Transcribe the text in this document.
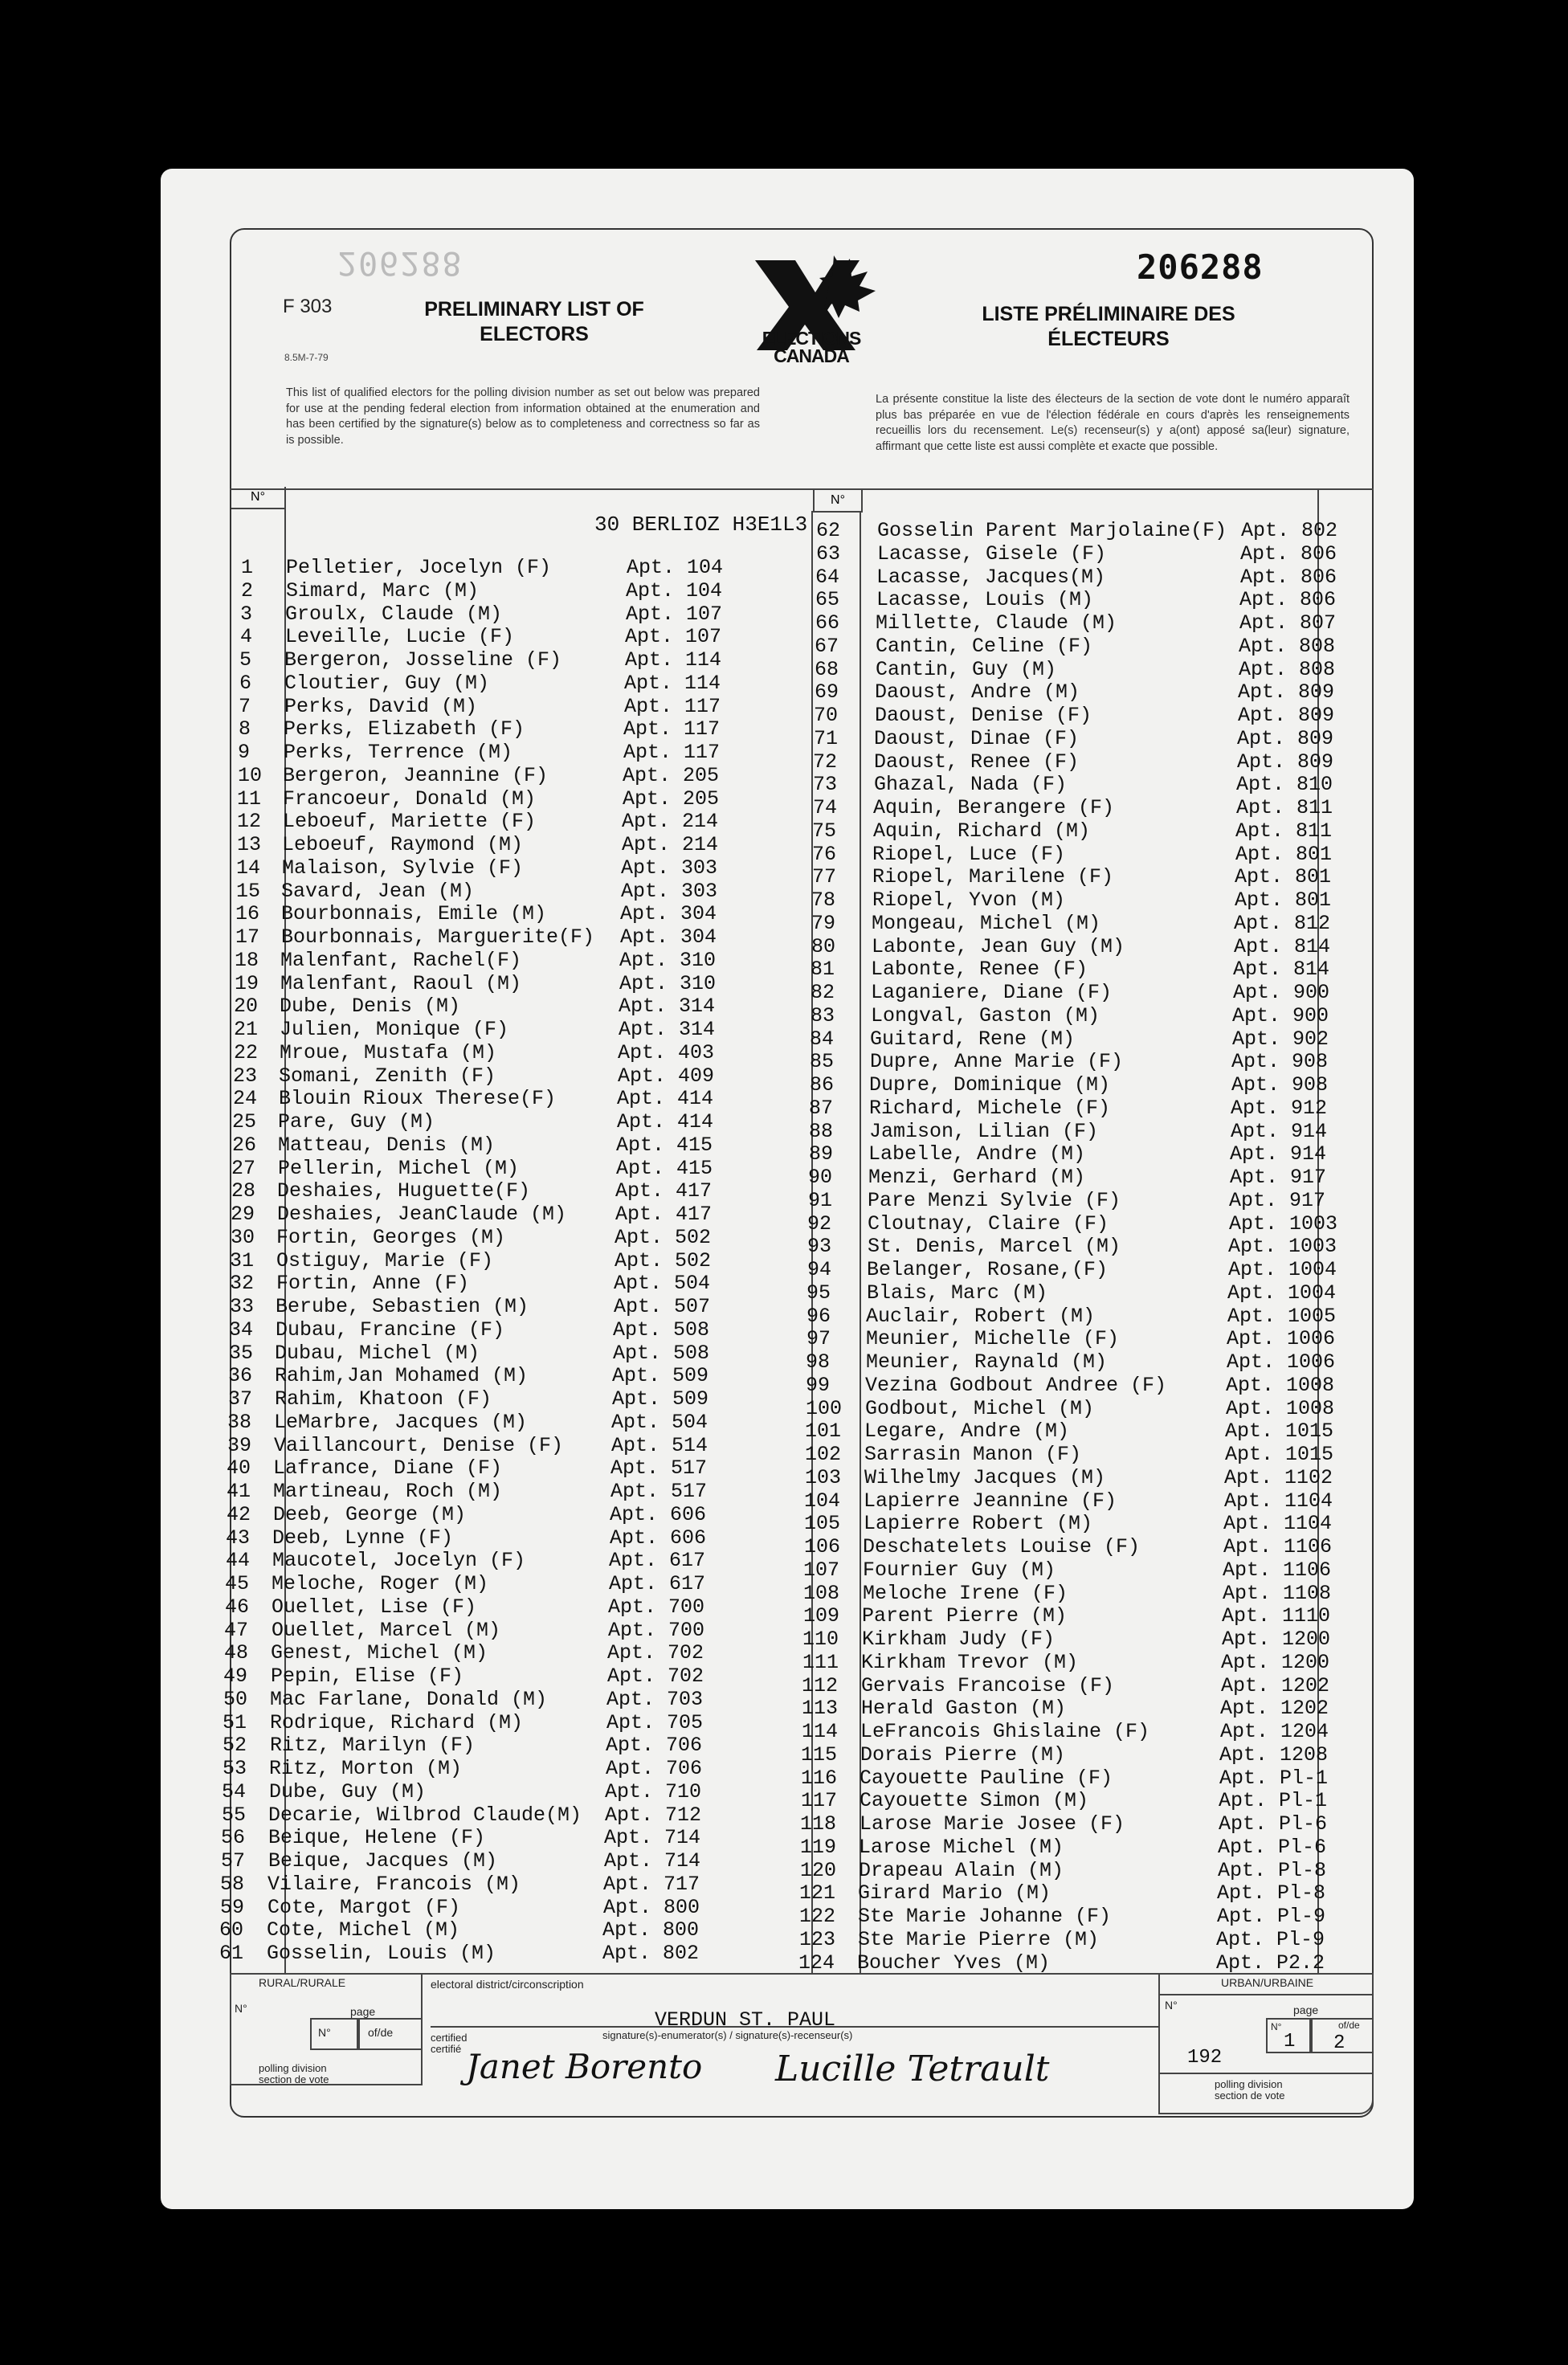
F 303
8.5M-7-79
206288	206288
PRELIMINARY LIST OF ELECTORS
LISTE PRÉLIMINAIRE DES ÉLECTEURS
ELECTIONS
CANADA
This list of qualified electors for the polling division number as set out below was prepared for use at the pending federal election from information obtained at the enumeration and has been certified by the signature(s) below as to completeness and correctness so far as is possible.
La présente constitue la liste des électeurs de la section de vote dont le numéro apparaît plus bas préparée en vue de l'élection fédérale en cours d'après les renseignements recueillis lors du recensement. Le(s) recenseur(s) y a(ont) apposé sa(leur) signature, affirmant que cette liste est aussi complète et exacte que possible.
N°	N°
30 BERLIOZ H3E1L3
1	Pelletier, Jocelyn (F)	Apt. 104
2	Simard, Marc (M)	Apt. 104
3	Groulx, Claude (M)	Apt. 107
4	Leveille, Lucie (F)	Apt. 107
5	Bergeron, Josseline (F)	Apt. 114
6	Cloutier, Guy (M)	Apt. 114
7	Perks, David (M)	Apt. 117
8	Perks, Elizabeth (F)	Apt. 117
9	Perks, Terrence (M)	Apt. 117
10	Bergeron, Jeannine (F)	Apt. 205
11	Francoeur, Donald (M)	Apt. 205
12	Leboeuf, Mariette (F)	Apt. 214
13	Leboeuf, Raymond (M)	Apt. 214
14	Malaison, Sylvie (F)	Apt. 303
15	Savard, Jean (M)	Apt. 303
16	Bourbonnais, Emile (M)	Apt. 304
17	Bourbonnais, Marguerite(F) Apt. 304
18	Malenfant, Rachel(F)	Apt. 310
19	Malenfant, Raoul (M)	Apt. 310
20	Dube, Denis (M)	Apt. 314
21	Julien, Monique (F)	Apt. 314
22	Mroue, Mustafa (M)	Apt. 403
23	Somani, Zenith (F)	Apt. 409
24	Blouin Rioux Therese(F)	Apt. 414
25	Pare, Guy (M)	Apt. 414
26	Matteau, Denis (M)	Apt. 415
27	Pellerin, Michel (M)	Apt. 415
28	Deshaies, Huguette(F)	Apt. 417
29	Deshaies, JeanClaude (M) Apt. 417
30	Fortin, Georges (M)	Apt. 502
31	Ostiguy, Marie (F)	Apt. 502
32	Fortin, Anne (F)	Apt. 504
33	Berube, Sebastien (M)	Apt. 507
34	Dubau, Francine (F)	Apt. 508
35	Dubau, Michel (M)	Apt. 508
36	Rahim,Jan Mohamed (M)	Apt. 509
37	Rahim, Khatoon (F)	Apt. 509
38	LeMarbre, Jacques (M)	Apt. 504
39	Vaillancourt, Denise (F) Apt. 514
40	Lafrance, Diane (F)	Apt. 517
41	Martineau, Roch (M)	Apt. 517
42	Deeb, George (M)	Apt. 606
43	Deeb, Lynne (F)	Apt. 606
44	Maucotel, Jocelyn (F)	Apt. 617
45	Meloche, Roger (M)	Apt. 617
46	Ouellet, Lise (F)	Apt. 700
47	Ouellet, Marcel (M)	Apt. 700
48	Genest, Michel (M)	Apt. 702
49	Pepin, Elise (F)	Apt. 702
50	Mac Farlane, Donald (M)	Apt. 703
51	Rodrique, Richard (M)	Apt. 705
52	Ritz, Marilyn (F)	Apt. 706
53	Ritz, Morton (M)	Apt. 706
54	Dube, Guy (M)	Apt. 710
55	Decarie, Wilbrod Claude(M) Apt. 712
56	Beique, Helene (F)	Apt. 714
57	Beique, Jacques (M)	Apt. 714
58	Vilaire, Francois (M)	Apt. 717
59	Cote, Margot (F)	Apt. 800
60	Cote, Michel (M)	Apt. 800
61	Gosselin, Louis (M)	Apt. 802
62	Gosselin Parent Marjolaine(F) Apt. 802
63	Lacasse, Gisele (F)	Apt. 806
64	Lacasse, Jacques(M)	Apt. 806
65	Lacasse, Louis (M)	Apt. 806
66	Millette, Claude (M)	Apt. 807
67	Cantin, Celine (F)	Apt. 808
68	Cantin, Guy (M)	Apt. 808
69	Daoust, Andre (M)	Apt. 809
70	Daoust, Denise (F)	Apt. 809
71	Daoust, Dinae (F)	Apt. 809
72	Daoust, Renee (F)	Apt. 809
73	Ghazal, Nada (F)	Apt. 810
74	Aquin, Berangere (F)	Apt. 811
75	Aquin, Richard (M)	Apt. 811
76	Riopel, Luce (F)	Apt. 801
77	Riopel, Marilene (F)	Apt. 801
78	Riopel, Yvon (M)	Apt. 801
79	Mongeau, Michel (M)	Apt. 812
80	Labonte, Jean Guy (M)	Apt. 814
81	Labonte, Renee (F)	Apt. 814
82	Laganiere, Diane (F)	Apt. 900
83	Longval, Gaston (M)	Apt. 900
84	Guitard, Rene (M)	Apt. 902
85	Dupre, Anne Marie (F)	Apt. 908
86	Dupre, Dominique (M)	Apt. 908
87	Richard, Michele (F)	Apt. 912
88	Jamison, Lilian (F)	Apt. 914
89	Labelle, Andre (M)	Apt. 914
90	Menzi, Gerhard (M)	Apt. 917
91	Pare Menzi Sylvie (F)	Apt. 917
92	Cloutnay, Claire (F)	Apt. 1003
93	St. Denis, Marcel (M)	Apt. 1003
94	Belanger, Rosane,(F)	Apt. 1004
95	Blais, Marc (M)	Apt. 1004
96	Auclair, Robert (M)	Apt. 1005
97	Meunier, Michelle (F)	Apt. 1006
98	Meunier, Raynald (M)	Apt. 1006
99	Vezina Godbout Andree (F)	Apt. 1008
100	Godbout, Michel (M)	Apt. 1008
101	Legare, Andre (M)	Apt. 1015
102	Sarrasin Manon (F)	Apt. 1015
103	Wilhelmy Jacques (M)	Apt. 1102
104	Lapierre Jeannine (F)	Apt. 1104
105	Lapierre Robert (M)	Apt. 1104
106	Deschatelets Louise (F)	Apt. 1106
107	Fournier Guy (M)	Apt. 1106
108	Meloche Irene (F)	Apt. 1108
109	Parent Pierre (M)	Apt. 1110
110	Kirkham Judy (F)	Apt. 1200
111	Kirkham Trevor (M)	Apt. 1200
112	Gervais Francoise (F)	Apt. 1202
113	Herald Gaston (M)	Apt. 1202
114	LeFrancois Ghislaine (F)	Apt. 1204
115	Dorais Pierre (M)	Apt. 1208
116	Cayouette Pauline (F)	Apt. Pl-1
117	Cayouette Simon (M)	Apt. Pl-1
118	Larose Marie Josee (F)	Apt. Pl-6
119	Larose Michel (M)	Apt. Pl-6
120	Drapeau Alain (M)	Apt. Pl-8
121	Girard Mario (M)	Apt. Pl-8
122	Ste Marie Johanne (F)	Apt. Pl-9
123	Ste Marie Pierre (M)	Apt. Pl-9
124	Boucher Yves (M)	Apt. P2.2
RURAL/RURALE
N°	page
N°	of/de
polling division section de vote
electoral district/circonscription
VERDUN ST. PAUL
certified certifié
signature(s)-enumerator(s) / signature(s)-recenseur(s)
Janet Borento Lucille Tetrault
URBAN/URBAINE
N°	page
N°	of/de
192
1 2
polling division section de vote
